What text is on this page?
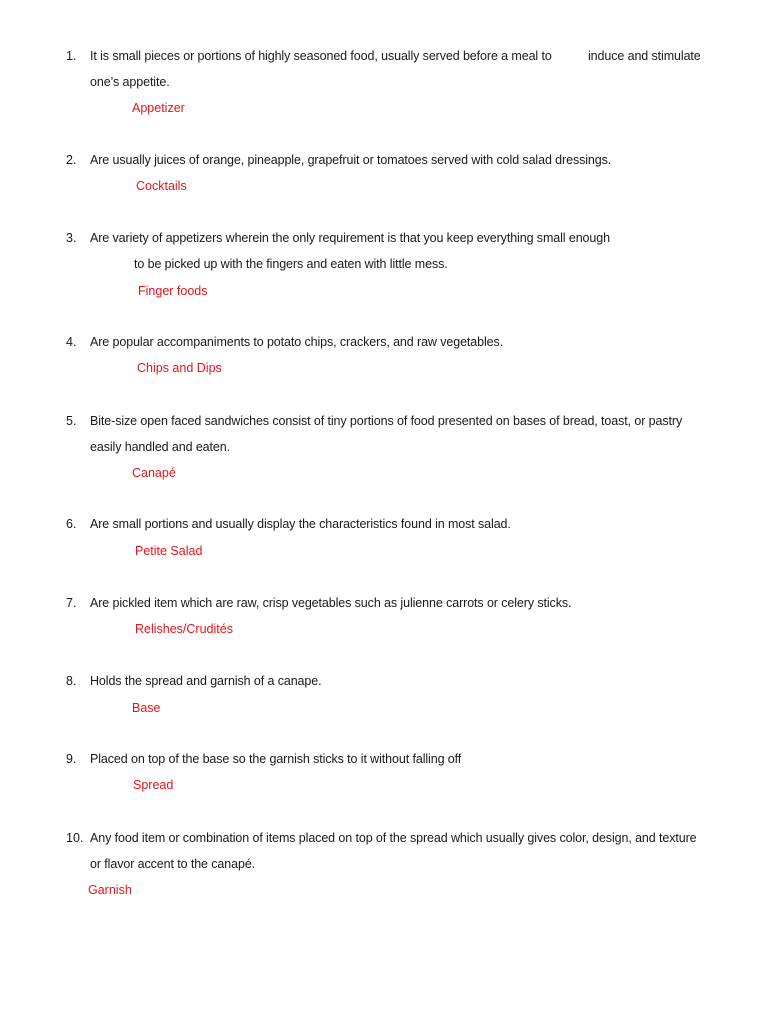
1. It is small pieces or portions of highly seasoned food, usually served before a meal to	induce and stimulate
one’s appetite.
Appetizer
2. Are usually juices of orange, pineapple, grapefruit or tomatoes served with cold salad dressings.
Cocktails
3. Are variety of appetizers wherein the only requirement is that you keep everything small enough
to be picked up with the fingers and eaten with little mess.
Finger foods
4. Are popular accompaniments to potato chips, crackers, and raw vegetables.
Chips and Dips
5. Bite-size open faced sandwiches consist of tiny portions of food presented on bases of bread, toast, or pastry
easily handled and eaten.
Canapé
6. Are small portions and usually display the characteristics found in most salad.
Petite Salad
7. Are pickled item which are raw, crisp vegetables such as julienne carrots or celery sticks.
Relishes/Crudités
8. Holds the spread and garnish of a canape.
Base
9. Placed on top of the base so the garnish sticks to it without falling off
Spread
10. Any food item or combination of items placed on top of the spread which usually gives color, design, and texture
or flavor accent to the canapé.
Garnish
